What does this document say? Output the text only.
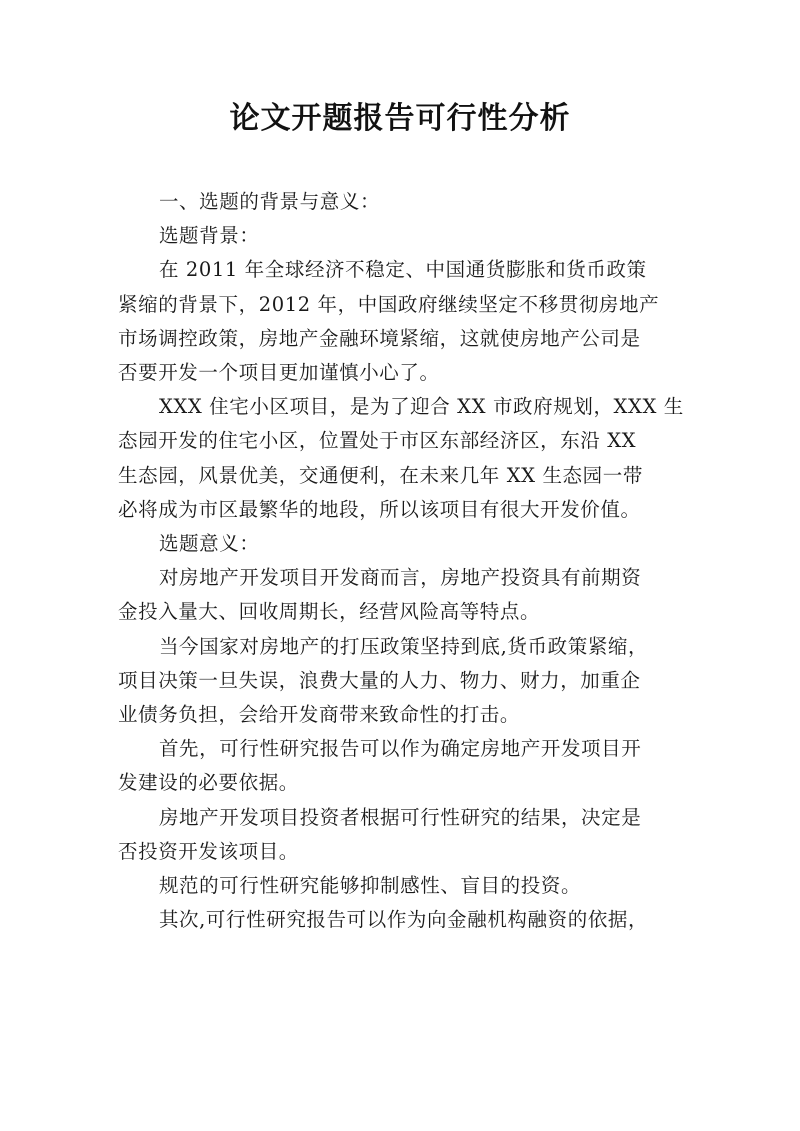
论文开题报告可行性分析

一、选题的背景与意义：

选题背景：

在 2011 年全球经济不稳定、中国通货膨胀和货币政策
紧缩的背景下，2012 年，中国政府继续坚定不移贯彻房地产
市场调控政策，房地产金融环境紧缩，这就使房地产公司是
否要开发一个项目更加谨慎小心了。

XXX 住宅小区项目，是为了迎合 XX 市政府规划，XXX 生
态园开发的住宅小区，位置处于市区东部经济区，东沿 XX
生态园，风景优美，交通便利，在未来几年 XX 生态园一带
必将成为市区最繁华的地段，所以该项目有很大开发价值。

选题意义：

对房地产开发项目开发商而言，房地产投资具有前期资
金投入量大、回收周期长，经营风险高等特点。

当今国家对房地产的打压政策坚持到底,货币政策紧缩，
项目决策一旦失误，浪费大量的人力、物力、财力，加重企
业债务负担，会给开发商带来致命性的打击。

首先，可行性研究报告可以作为确定房地产开发项目开
发建设的必要依据。

房地产开发项目投资者根据可行性研究的结果，决定是
否投资开发该项目。

规范的可行性研究能够抑制感性、盲目的投资。

其次,可行性研究报告可以作为向金融机构融资的依据，
